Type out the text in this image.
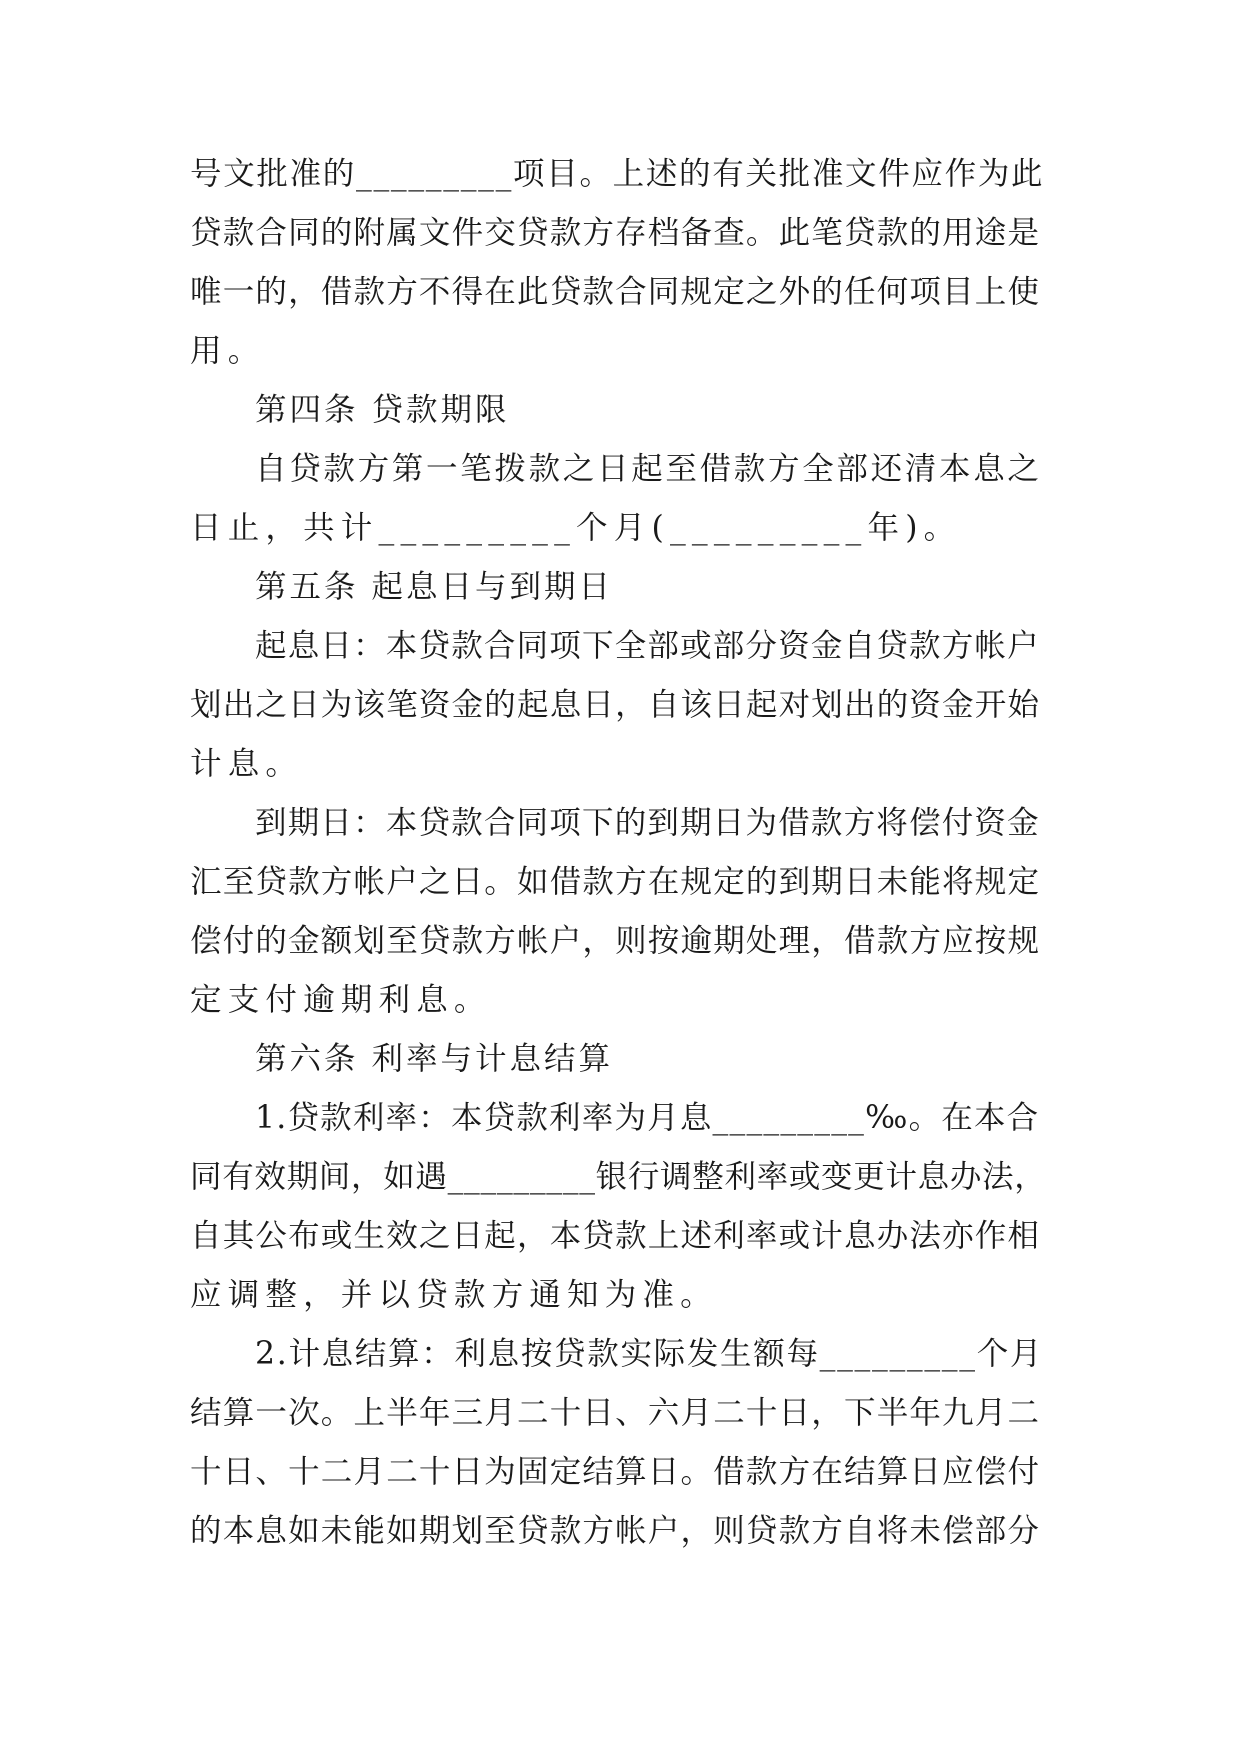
号文批准的_________项目。上述的有关批准文件应作为此
贷款合同的附属文件交贷款方存档备查。此笔贷款的用途是
唯一的，借款方不得在此贷款合同规定之外的任何项目上使
用。
第四条 贷款期限
自贷款方第一笔拨款之日起至借款方全部还清本息之
日止，共计_________个月(_________年)。
第五条 起息日与到期日
起息日：本贷款合同项下全部或部分资金自贷款方帐户
划出之日为该笔资金的起息日，自该日起对划出的资金开始
计息。
到期日：本贷款合同项下的到期日为借款方将偿付资金
汇至贷款方帐户之日。如借款方在规定的到期日未能将规定
偿付的金额划至贷款方帐户，则按逾期处理，借款方应按规
定支付逾期利息。
第六条 利率与计息结算
1.贷款利率：本贷款利率为月息_________‰。在本合
同有效期间，如遇_________银行调整利率或变更计息办法，
自其公布或生效之日起，本贷款上述利率或计息办法亦作相
应调整，并以贷款方通知为准。
2.计息结算：利息按贷款实际发生额每_________个月
结算一次。上半年三月二十日、六月二十日，下半年九月二
十日、十二月二十日为固定结算日。借款方在结算日应偿付
的本息如未能如期划至贷款方帐户，则贷款方自将未偿部分
